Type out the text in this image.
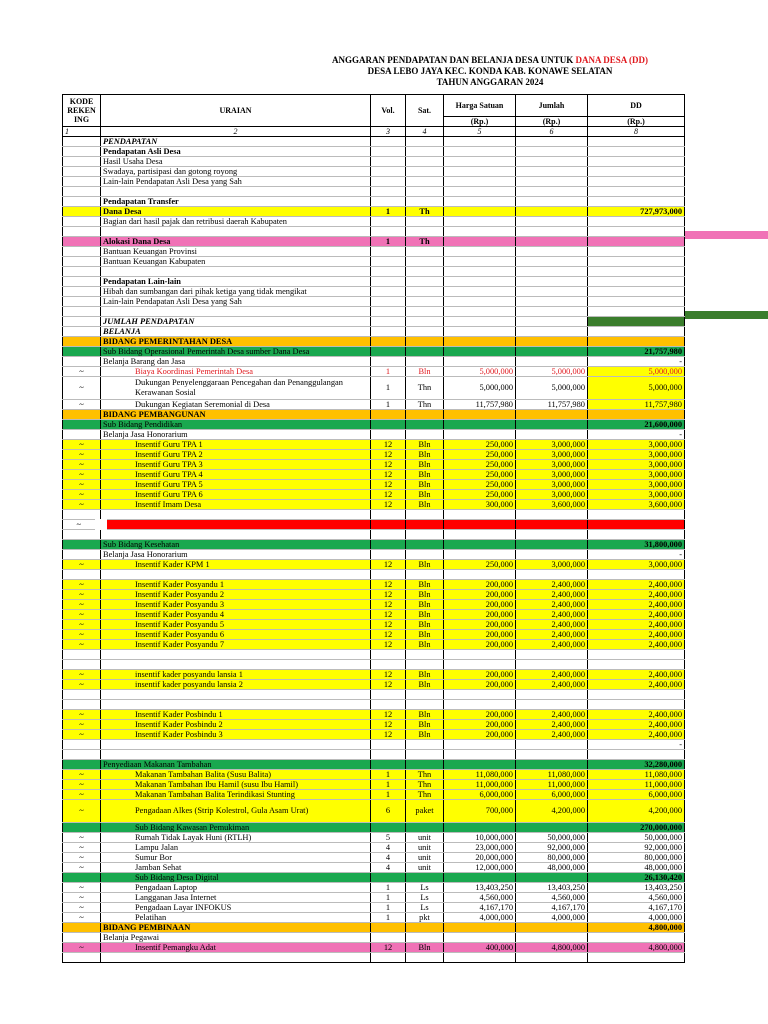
ANGGARAN PENDAPATAN DAN BELANJA DESA UNTUK DANA DESA (DD)
DESA LEBO JAYA KEC. KONDA KAB. KONAWE SELATAN
TAHUN ANGGARAN 2024
KODE REKEN ING	URAIAN	Vol.	Sat.	Harga Satuan	Jumlah	DD
				(Rp.)	(Rp.)	(Rp.)
1	2	3	4	5	6	8
	PENDAPATAN					
	Pendapatan Asli Desa					
	Hasil Usaha Desa					
	Swadaya, partisipasi dan gotong royong					
	Lain-lain Pendapatan Asli Desa yang Sah					

	Pendapatan Transfer					
	Dana Desa	1	Th			727,973,000
	Bagian dari hasil pajak dan retribusi daerah Kabupaten					

	Alokasi Dana Desa	1	Th			
	Bantuan Keuangan Provinsi					
	Bantuan Keuangan Kabupaten					

	Pendapatan Lain-lain					
	Hibah dan sumbangan dari pihak ketiga yang tidak mengikat					
	Lain-lain Pendapatan Asli Desa yang Sah					

	JUMLAH PENDAPATAN					
	BELANJA					
	BIDANG PEMERINTAHAN DESA					
	Sub Bidang Operasional Pemerintah Desa sumber Dana Desa					21,757,980
	Belanja Barang dan Jasa					-
~	Biaya Koordinasi Pemerintah Desa	1	Bln	5,000,000	5,000,000	5,000,000
~	Dukungan Penyelenggaraan Pencegahan dan Penanggulangan Kerawanan Sosial	1	Thn	5,000,000	5,000,000	5,000,000
~	Dukungan Kegiatan Seremonial di Desa	1	Thn	11,757,980	11,757,980	11,757,980
	BIDANG PEMBANGUNAN					
	Sub Bidang Pendidikan					21,600,000
	Belanja Jasa Honorarium					-
~	Insentif Guru TPA 1	12	Bln	250,000	3,000,000	3,000,000
~	Insentif Guru TPA 2	12	Bln	250,000	3,000,000	3,000,000
~	Insentif Guru TPA 3	12	Bln	250,000	3,000,000	3,000,000
~	Insentif Guru TPA 4	12	Bln	250,000	3,000,000	3,000,000
~	Insentif Guru TPA 5	12	Bln	250,000	3,000,000	3,000,000
~	Insentif Guru TPA 6	12	Bln	250,000	3,000,000	3,000,000
~	Insentif Imam Desa	12	Bln	300,000	3,600,000	3,600,000

~						

	Sub Bidang Kesehatan					31,800,000
	Belanja Jasa Honorarium					-
~	Insentif Kader KPM 1	12	Bln	250,000	3,000,000	3,000,000

~	Insentif Kader Posyandu 1	12	Bln	200,000	2,400,000	2,400,000
~	Insentif Kader Posyandu 2	12	Bln	200,000	2,400,000	2,400,000
~	Insentif Kader Posyandu 3	12	Bln	200,000	2,400,000	2,400,000
~	Insentif Kader Posyandu 4	12	Bln	200,000	2,400,000	2,400,000
~	Insentif Kader Posyandu 5	12	Bln	200,000	2,400,000	2,400,000
~	Insentif Kader Posyandu 6	12	Bln	200,000	2,400,000	2,400,000
~	Insentif Kader Posyandu 7	12	Bln	200,000	2,400,000	2,400,000

~	insentif kader posyandu lansia 1	12	Bln	200,000	2,400,000	2,400,000
~	insentif kader posyandu lansia 2	12	Bln	200,000	2,400,000	2,400,000

~	Insentif Kader Posbindu 1	12	Bln	200,000	2,400,000	2,400,000
~	Insentif Kader Posbindu 2	12	Bln	200,000	2,400,000	2,400,000
~	Insentif Kader Posbindu 3	12	Bln	200,000	2,400,000	2,400,000
						-

	Penyediaan Makanan Tambahan					32,280,000
~	Makanan Tambahan Balita (Susu Balita)	1	Thn	11,080,000	11,080,000	11,080,000
~	Makanan Tambahan Ibu Hamil (susu Ibu Hamil)	1	Thn	11,000,000	11,000,000	11,000,000
~	Makanan Tambahan Balita Terindikasi Stunting	1	Thn	6,000,000	6,000,000	6,000,000
~	Pengadaan Alkes (Strip Kolestrol, Gula Asam Urat)	6	paket	700,000	4,200,000	4,200,000
	Sub Bidang Kawasan Pemukiman					270,000,000
~	Rumah Tidak Layak Huni (RTLH)	5	unit	10,000,000	50,000,000	50,000,000
~	Lampu Jalan	4	unit	23,000,000	92,000,000	92,000,000
~	Sumur Bor	4	unit	20,000,000	80,000,000	80,000,000
~	Jamban Sehat	4	unit	12,000,000	48,000,000	48,000,000
	Sub Bidang Desa Digital					26,130,420
~	Pengadaan Laptop	1	Ls	13,403,250	13,403,250	13,403,250
~	Langganan Jasa Internet	1	Ls	4,560,000	4,560,000	4,560,000
~	Pengadaan Layar INFOKUS	1	Ls	4,167,170	4,167,170	4,167,170
~	Pelatihan	1	pkt	4,000,000	4,000,000	4,000,000
	BIDANG PEMBINAAN					4,800,000
	Belanja Pegawai					
~	Insentif Pemangku Adat	12	Bln	400,000	4,800,000	4,800,000
